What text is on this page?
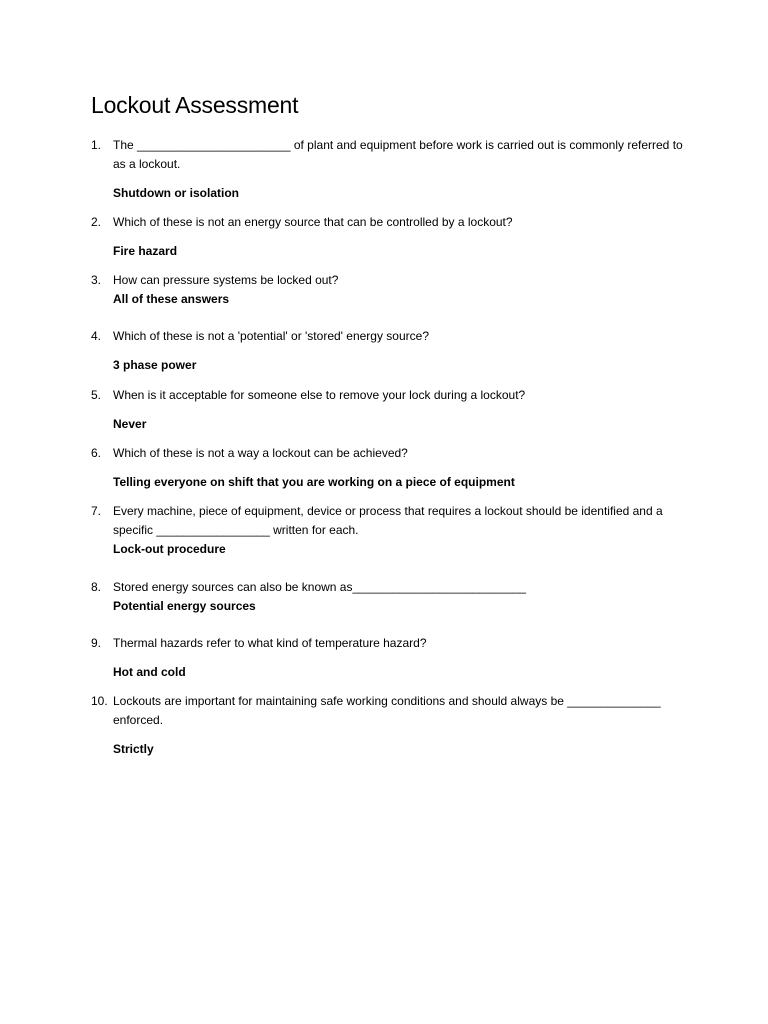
Lockout Assessment
1. The _______________________ of plant and equipment before work is carried out is commonly referred to as a lockout.
Shutdown or isolation
2. Which of these is not an energy source that can be controlled by a lockout?
Fire hazard
3. How can pressure systems be locked out?
All of these answers
4. Which of these is not a 'potential' or 'stored' energy source?
3 phase power
5. When is it acceptable for someone else to remove your lock during a lockout?
Never
6. Which of these is not a way a lockout can be achieved?
Telling everyone on shift that you are working on a piece of equipment
7. Every machine, piece of equipment, device or process that requires a lockout should be identified and a specific _________________ written for each.
Lock-out procedure
8. Stored energy sources can also be known as__________________________
Potential energy sources
9. Thermal hazards refer to what kind of temperature hazard?
Hot and cold
10. Lockouts are important for maintaining safe working conditions and should always be ______________ enforced.
Strictly
